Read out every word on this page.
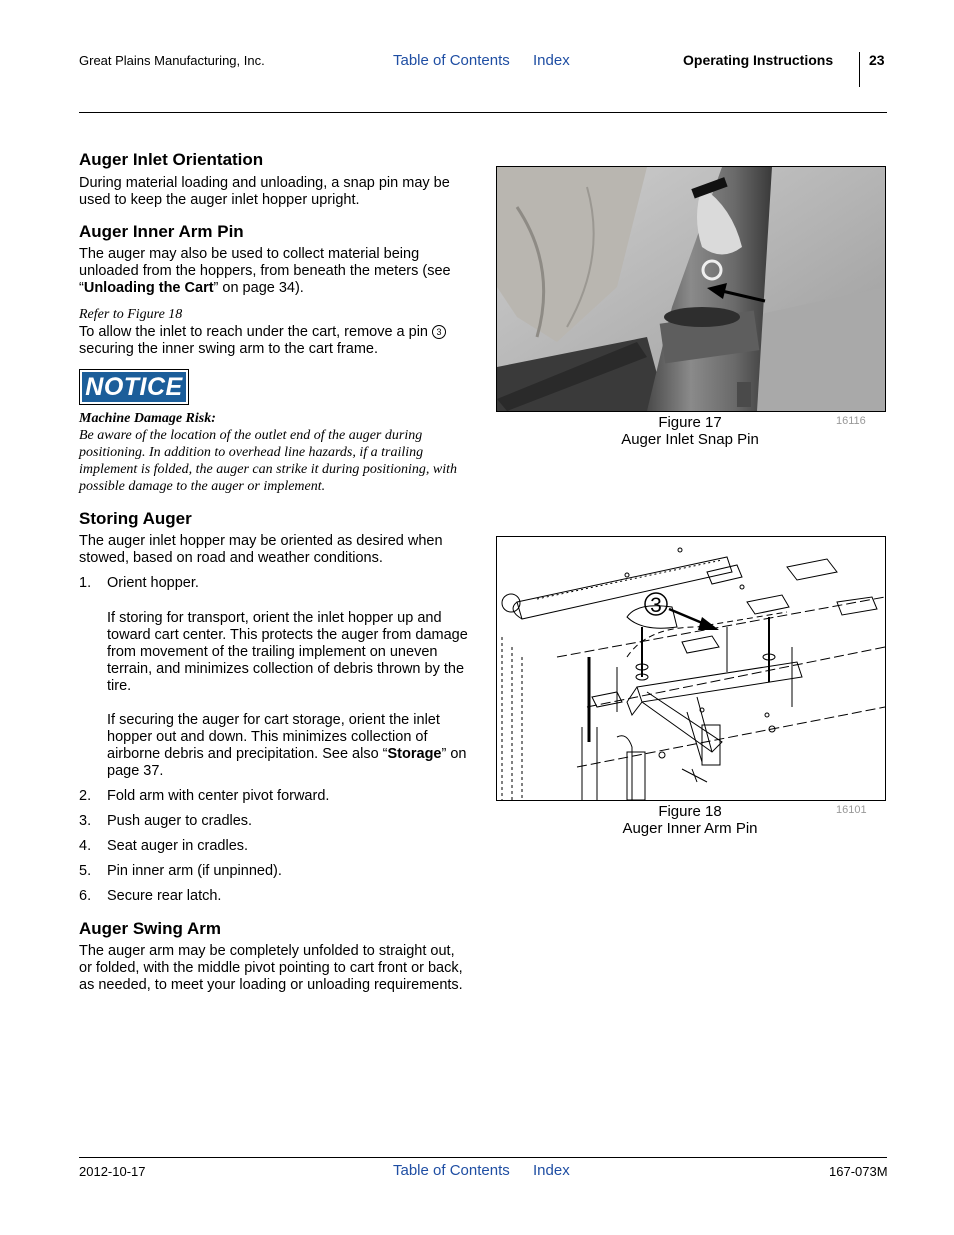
Great Plains Manufacturing, Inc.	Table of Contents Index	Operating Instructions	23
Auger Inlet Orientation

During material loading and unloading, a snap pin may be used to keep the auger inlet hopper upright.

Auger Inner Arm Pin

The auger may also be used to collect material being unloaded from the hoppers, from beneath the meters (see “Unloading the Cart” on page 34).

Refer to Figure 18

To allow the inlet to reach under the cart, remove a pin 3
securing the inner swing arm to the cart frame.

NOTICE
Machine Damage Risk:
Be aware of the location of the outlet end of the auger during positioning. In addition to overhead line hazards, if a trailing implement is folded, the auger can strike it during positioning, with possible damage to the auger or implement.
Storing Auger

The auger inlet hopper may be oriented as desired when stowed, based on road and weather conditions.

1. Orient hopper.
If storing for transport, orient the inlet hopper up and toward cart center. This protects the auger from damage from movement of the trailing implement on uneven terrain, and minimizes collection of debris thrown by the tire.
If securing the auger for cart storage, orient the inlet hopper out and down. This minimizes collection of airborne debris and precipitation. See also “Storage” on page 37.
2. Fold arm with center pivot forward.
3. Push auger to cradles.
4. Seat auger in cradles.
5. Pin inner arm (if unpinned).
6. Secure rear latch.
Auger Swing Arm

The auger arm may be completely unfolded to straight out, or folded, with the middle pivot pointing to cart front or back, as needed, to meet your loading or unloading requirements.

Figure 17
Auger Inlet Snap Pin
16116
3
Figure 18
Auger Inner Arm Pin
16101
2012-10-17	Table of Contents Index	167-073M
